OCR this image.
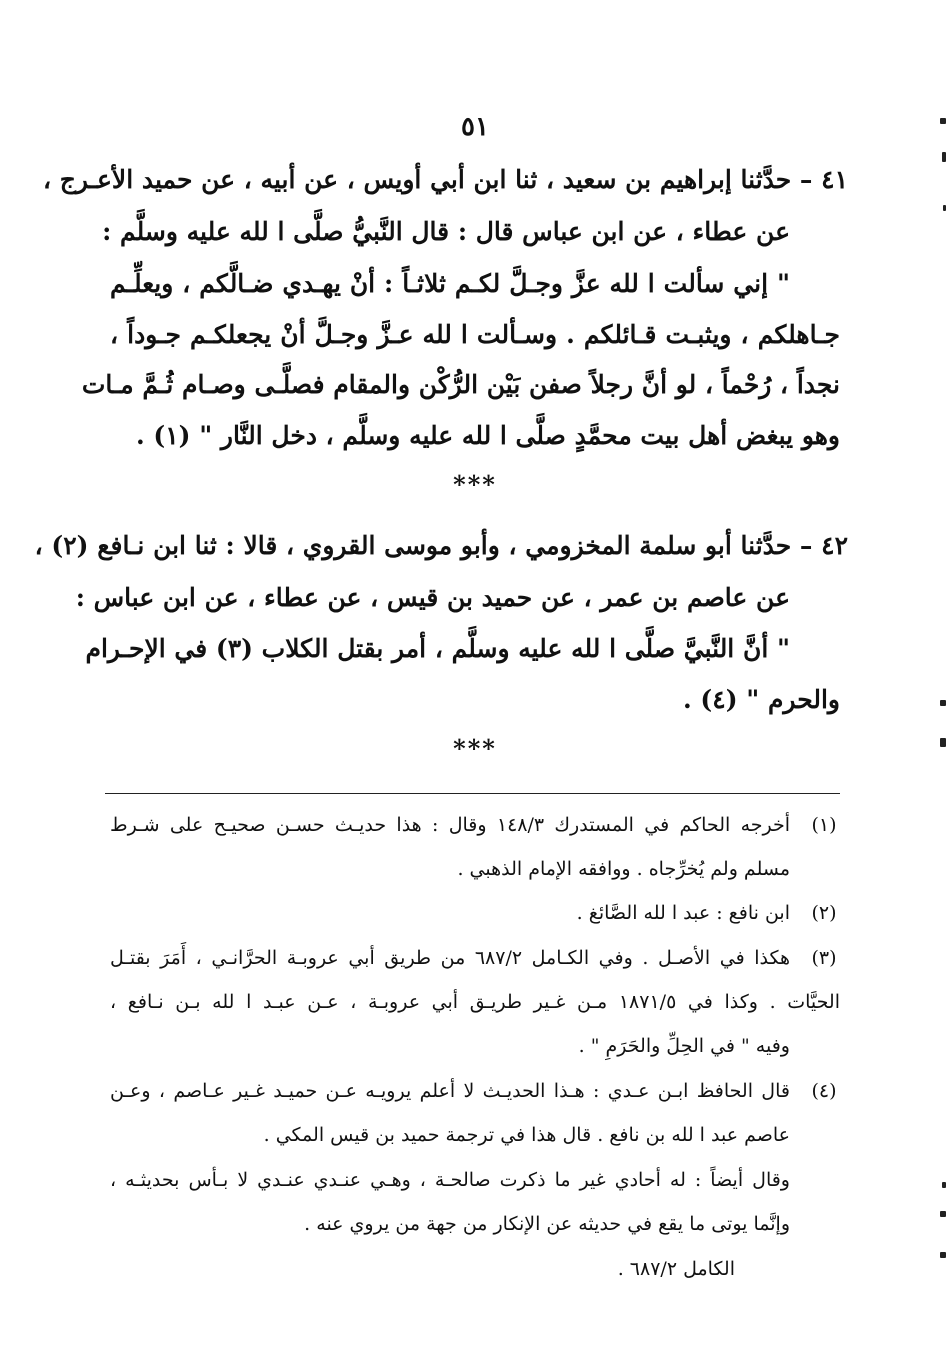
٥١
٤١ – حدَّثنا إبراهيم بن سعيد ، ثنا ابن أبي أويس ، عن أبيه ، عن حميد الأعـرج ،
عن عطاء ، عن ابن عباس قال : قال النَّبيُّ صلَّى ا لله عليه وسلَّم :
" إني سألت ا لله عزَّ وجـلَّ لكـم ثلاثـاً : أنْ يهـدي ضـالَّكم ، ويعلِّـم
جـاهلكم ، ويثبـت قـائلكم . وسـألت ا لله عـزَّ وجـلَّ أنْ يجعلكـم جـوداً ،
نجداً ، رُحْماً ، لو أنَّ رجلاً صفن بَيْن الرُّكْن والمقام فصلَّـى وصـام ثُـمَّ مـات
وهو يبغض أهل بيت محمَّدٍ صلَّى ا لله عليه وسلَّم ، دخل النَّار " (١) .
***
٤٢ – حدَّثنا أبو سلمة المخزومي ، وأبو موسى القروي ، قالا : ثنا ابن نـافع (٢) ،
عن عاصم بن عمر ، عن حميد بن قيس ، عن عطاء ، عن ابن عباس :
" أنَّ النَّبيَّ صلَّى ا لله عليه وسلَّم ، أمر بقتل الكلاب (٣) في الإحـرام
والحرم " (٤) .
***
(١)
أخرجه الحاكم في المستدرك ١٤٨/٣ وقال : هذا حديـث حسـن صحيـح على شـرط
مسلم ولم يُخرِّجاه . ووافقه الإمام الذهبي .
(٢)
ابن نافع : عبد ا لله الصَّائغ .
(٣)
هكذا في الأصـل . وفي الكـامل ٦٨٧/٢ من طريق أبي عروبـة الحرَّانـي ، أَمَرَ بقتـل
الحيَّات . وكذا في ١٨٧١/٥ مـن غـير طريـق أبي عروبـة ، عـن عبـد ا لله بـن نـافع ،
وفيه " في الحِلِّ والحَرَمِ " .
(٤)
قال الحافظ ابـن عـدي : هـذا الحديـث لا أعلم يرويـه عـن حميـد غـير عـاصم ، وعـن
عاصم عبد ا لله بن نافع . قال هذا في ترجمة حميد بن قيس المكي .
وقال أيضاً : له أحادي غير ما ذكرت صالحـة ، وهـي عنـدي عنـدي لا بـأس بحديثـه ،
وإنَّما يوتى ما يقع في حديثه عن الإنكار من جهة من يروي عنه .
الكامل ٦٨٧/٢ .
